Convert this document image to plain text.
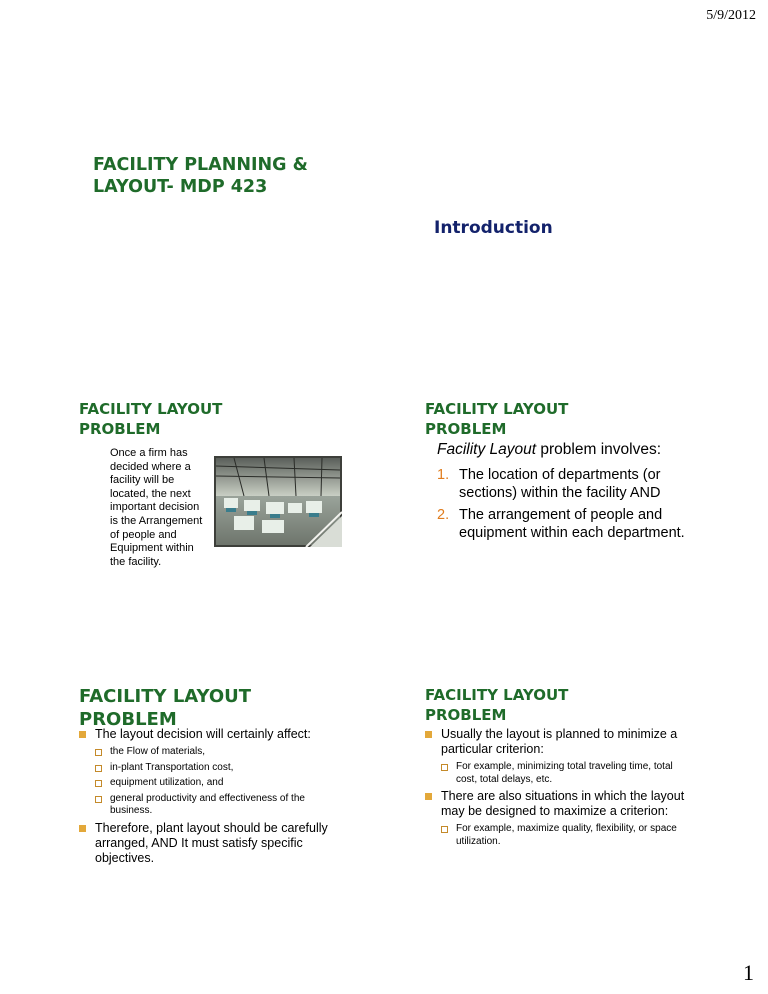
5/9/2012
1
FACILITY PLANNING &
LAYOUT- MDP 423
Introduction
FACILITY LAYOUT
PROBLEM
Once a firm has decided where a facility will be located, the next important decision is the Arrangement of people and Equipment within the facility.
FACILITY LAYOUT
PROBLEM
Facility Layout problem involves:
1. The location of departments (or sections) within the facility AND
2. The arrangement of people and equipment within each department.
FACILITY LAYOUT
PROBLEM
The layout decision will certainly affect:
the Flow of materials,
in-plant Transportation cost,
equipment utilization, and
general productivity and effectiveness of the business.
Therefore, plant layout should be carefully arranged, AND It must satisfy specific objectives.
FACILITY LAYOUT
PROBLEM
Usually the layout is planned to minimize a particular criterion:
For example, minimizing total traveling time, total cost, total delays, etc.
There are also situations in which the layout may be designed to maximize a criterion:
For example, maximize quality, flexibility, or space utilization.
